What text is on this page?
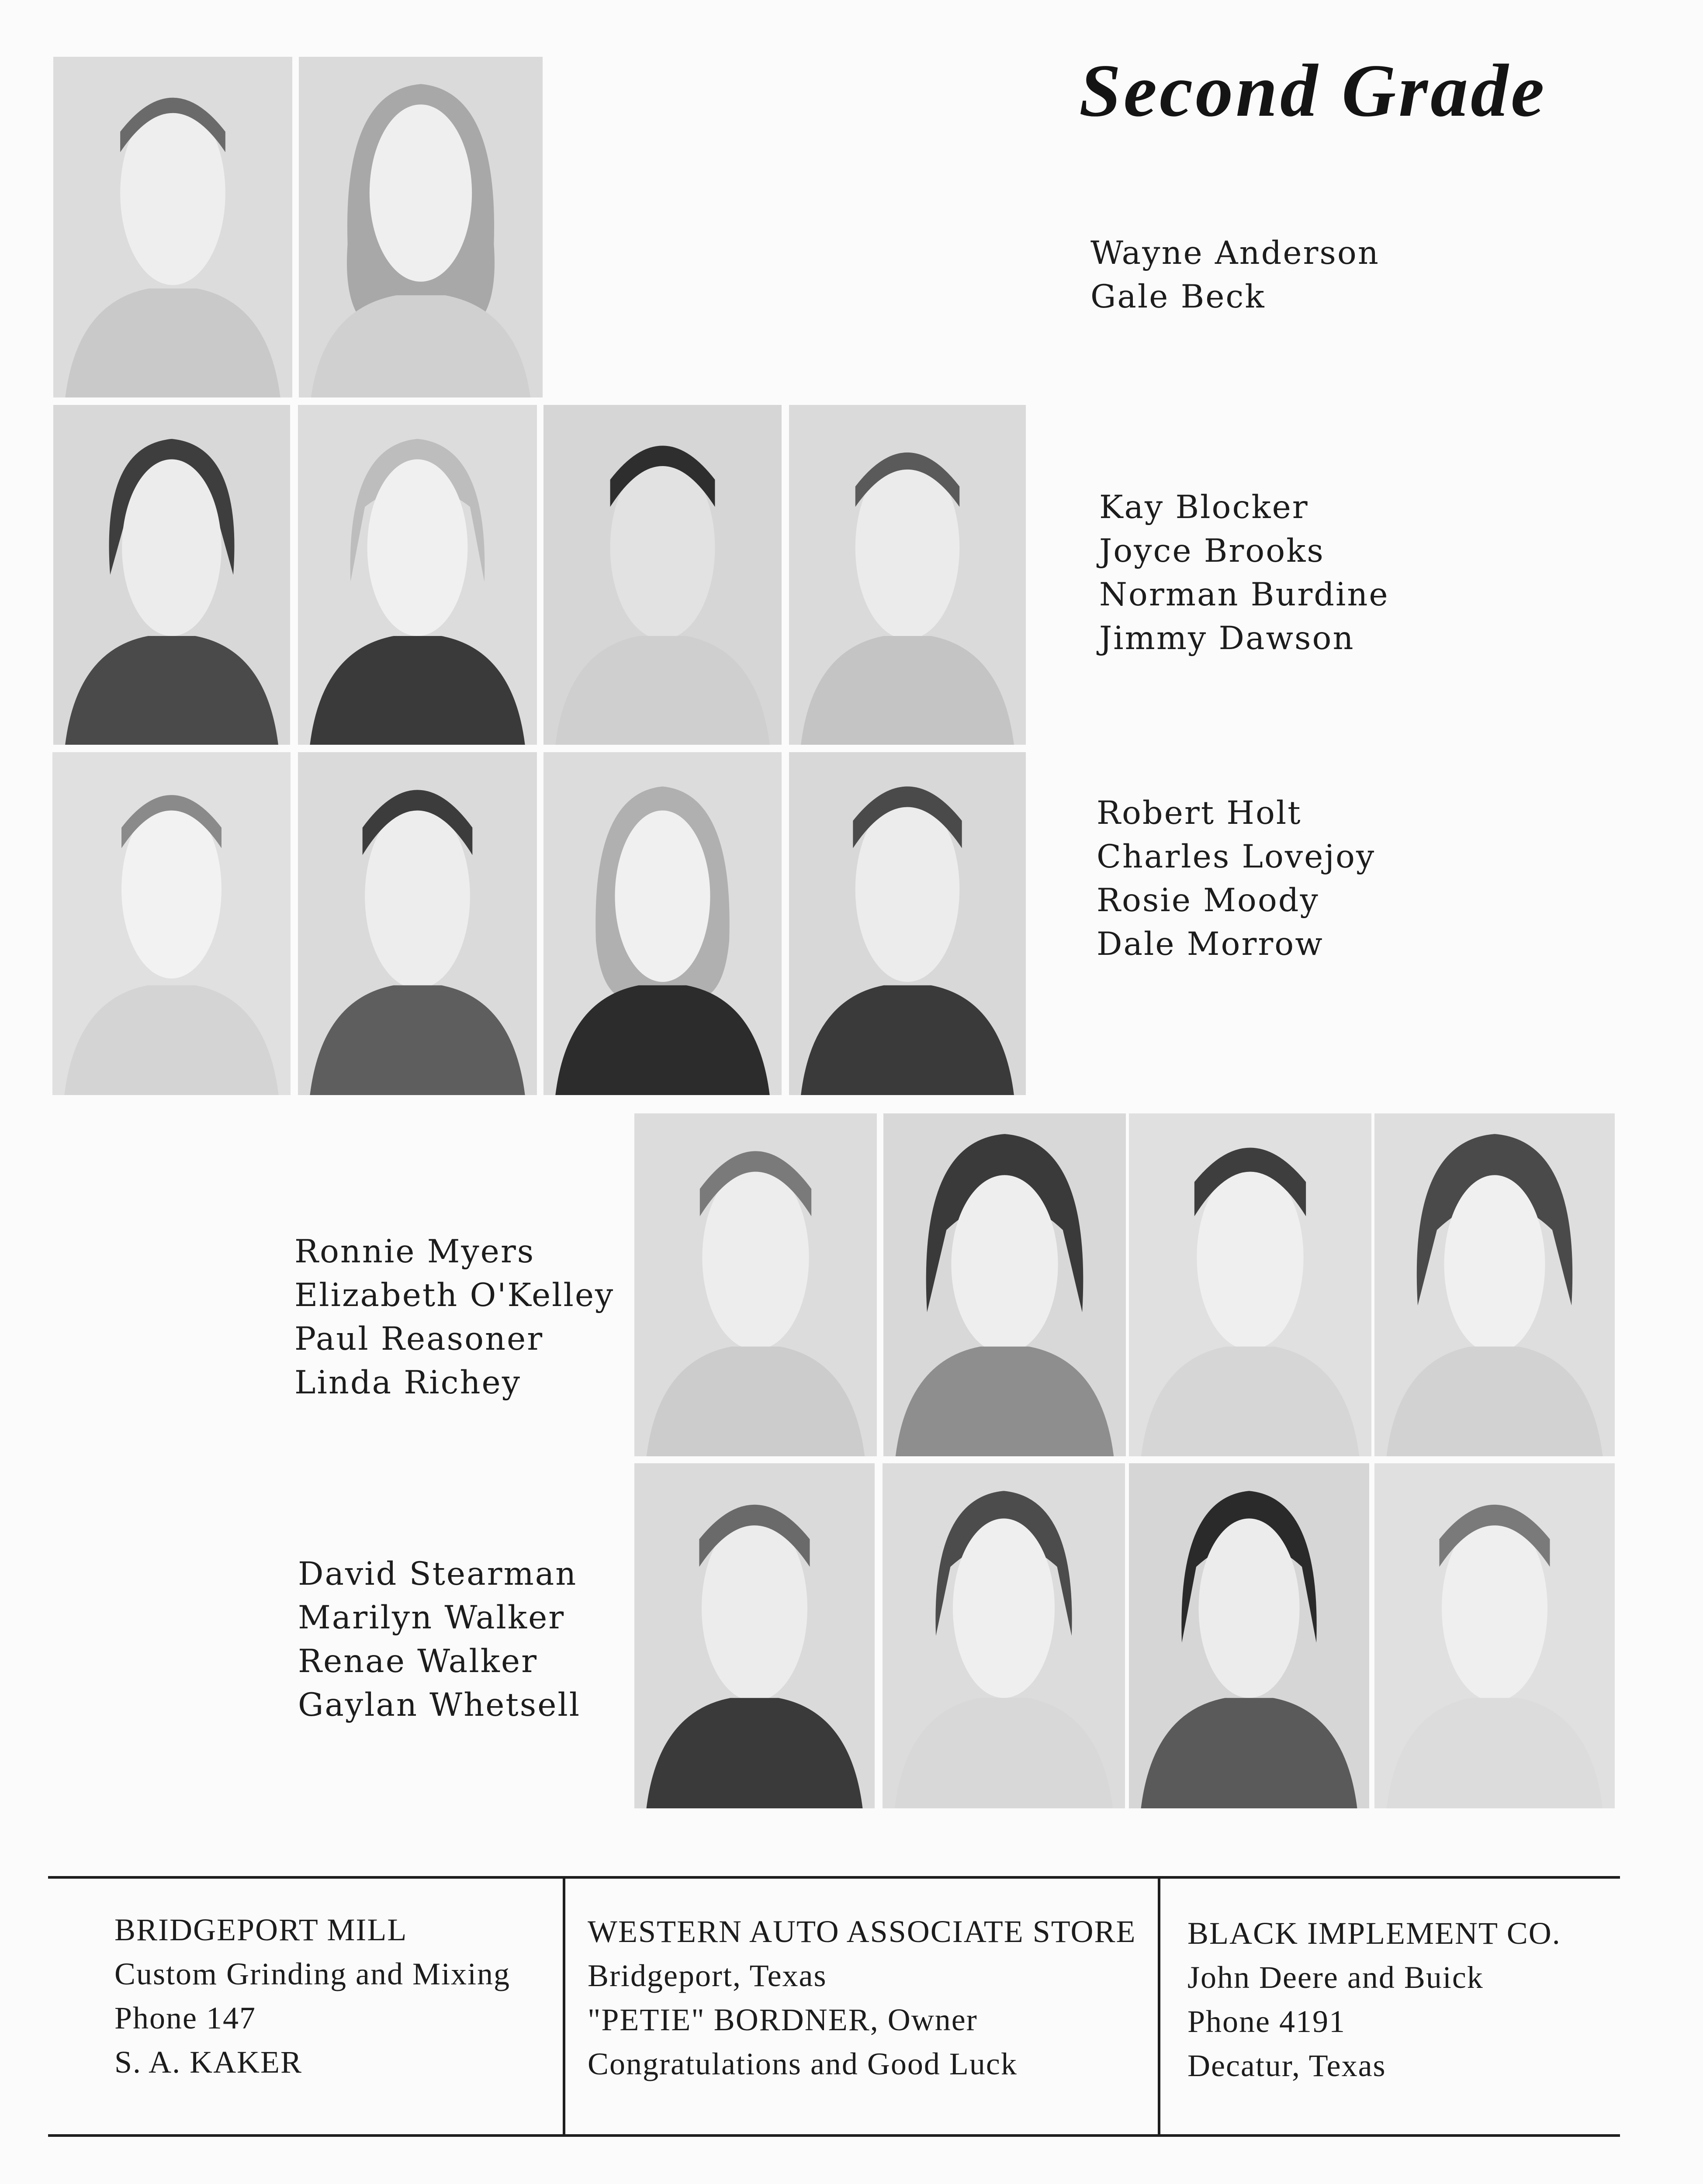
Second Grade
Wayne Anderson
Gale Beck
Kay Blocker
Joyce Brooks
Norman Burdine
Jimmy Dawson
Robert Holt
Charles Lovejoy
Rosie Moody
Dale Morrow
Ronnie Myers
Elizabeth O'Kelley
Paul Reasoner
Linda Richey
David Stearman
Marilyn Walker
Renae Walker
Gaylan Whetsell
BRIDGEPORT MILL
Custom Grinding and Mixing
Phone 147
S. A. KAKER
WESTERN AUTO ASSOCIATE STORE
Bridgeport, Texas
"PETIE" BORDNER, Owner
Congratulations and Good Luck
BLACK IMPLEMENT CO.
John Deere and Buick
Phone 4191
Decatur, Texas
